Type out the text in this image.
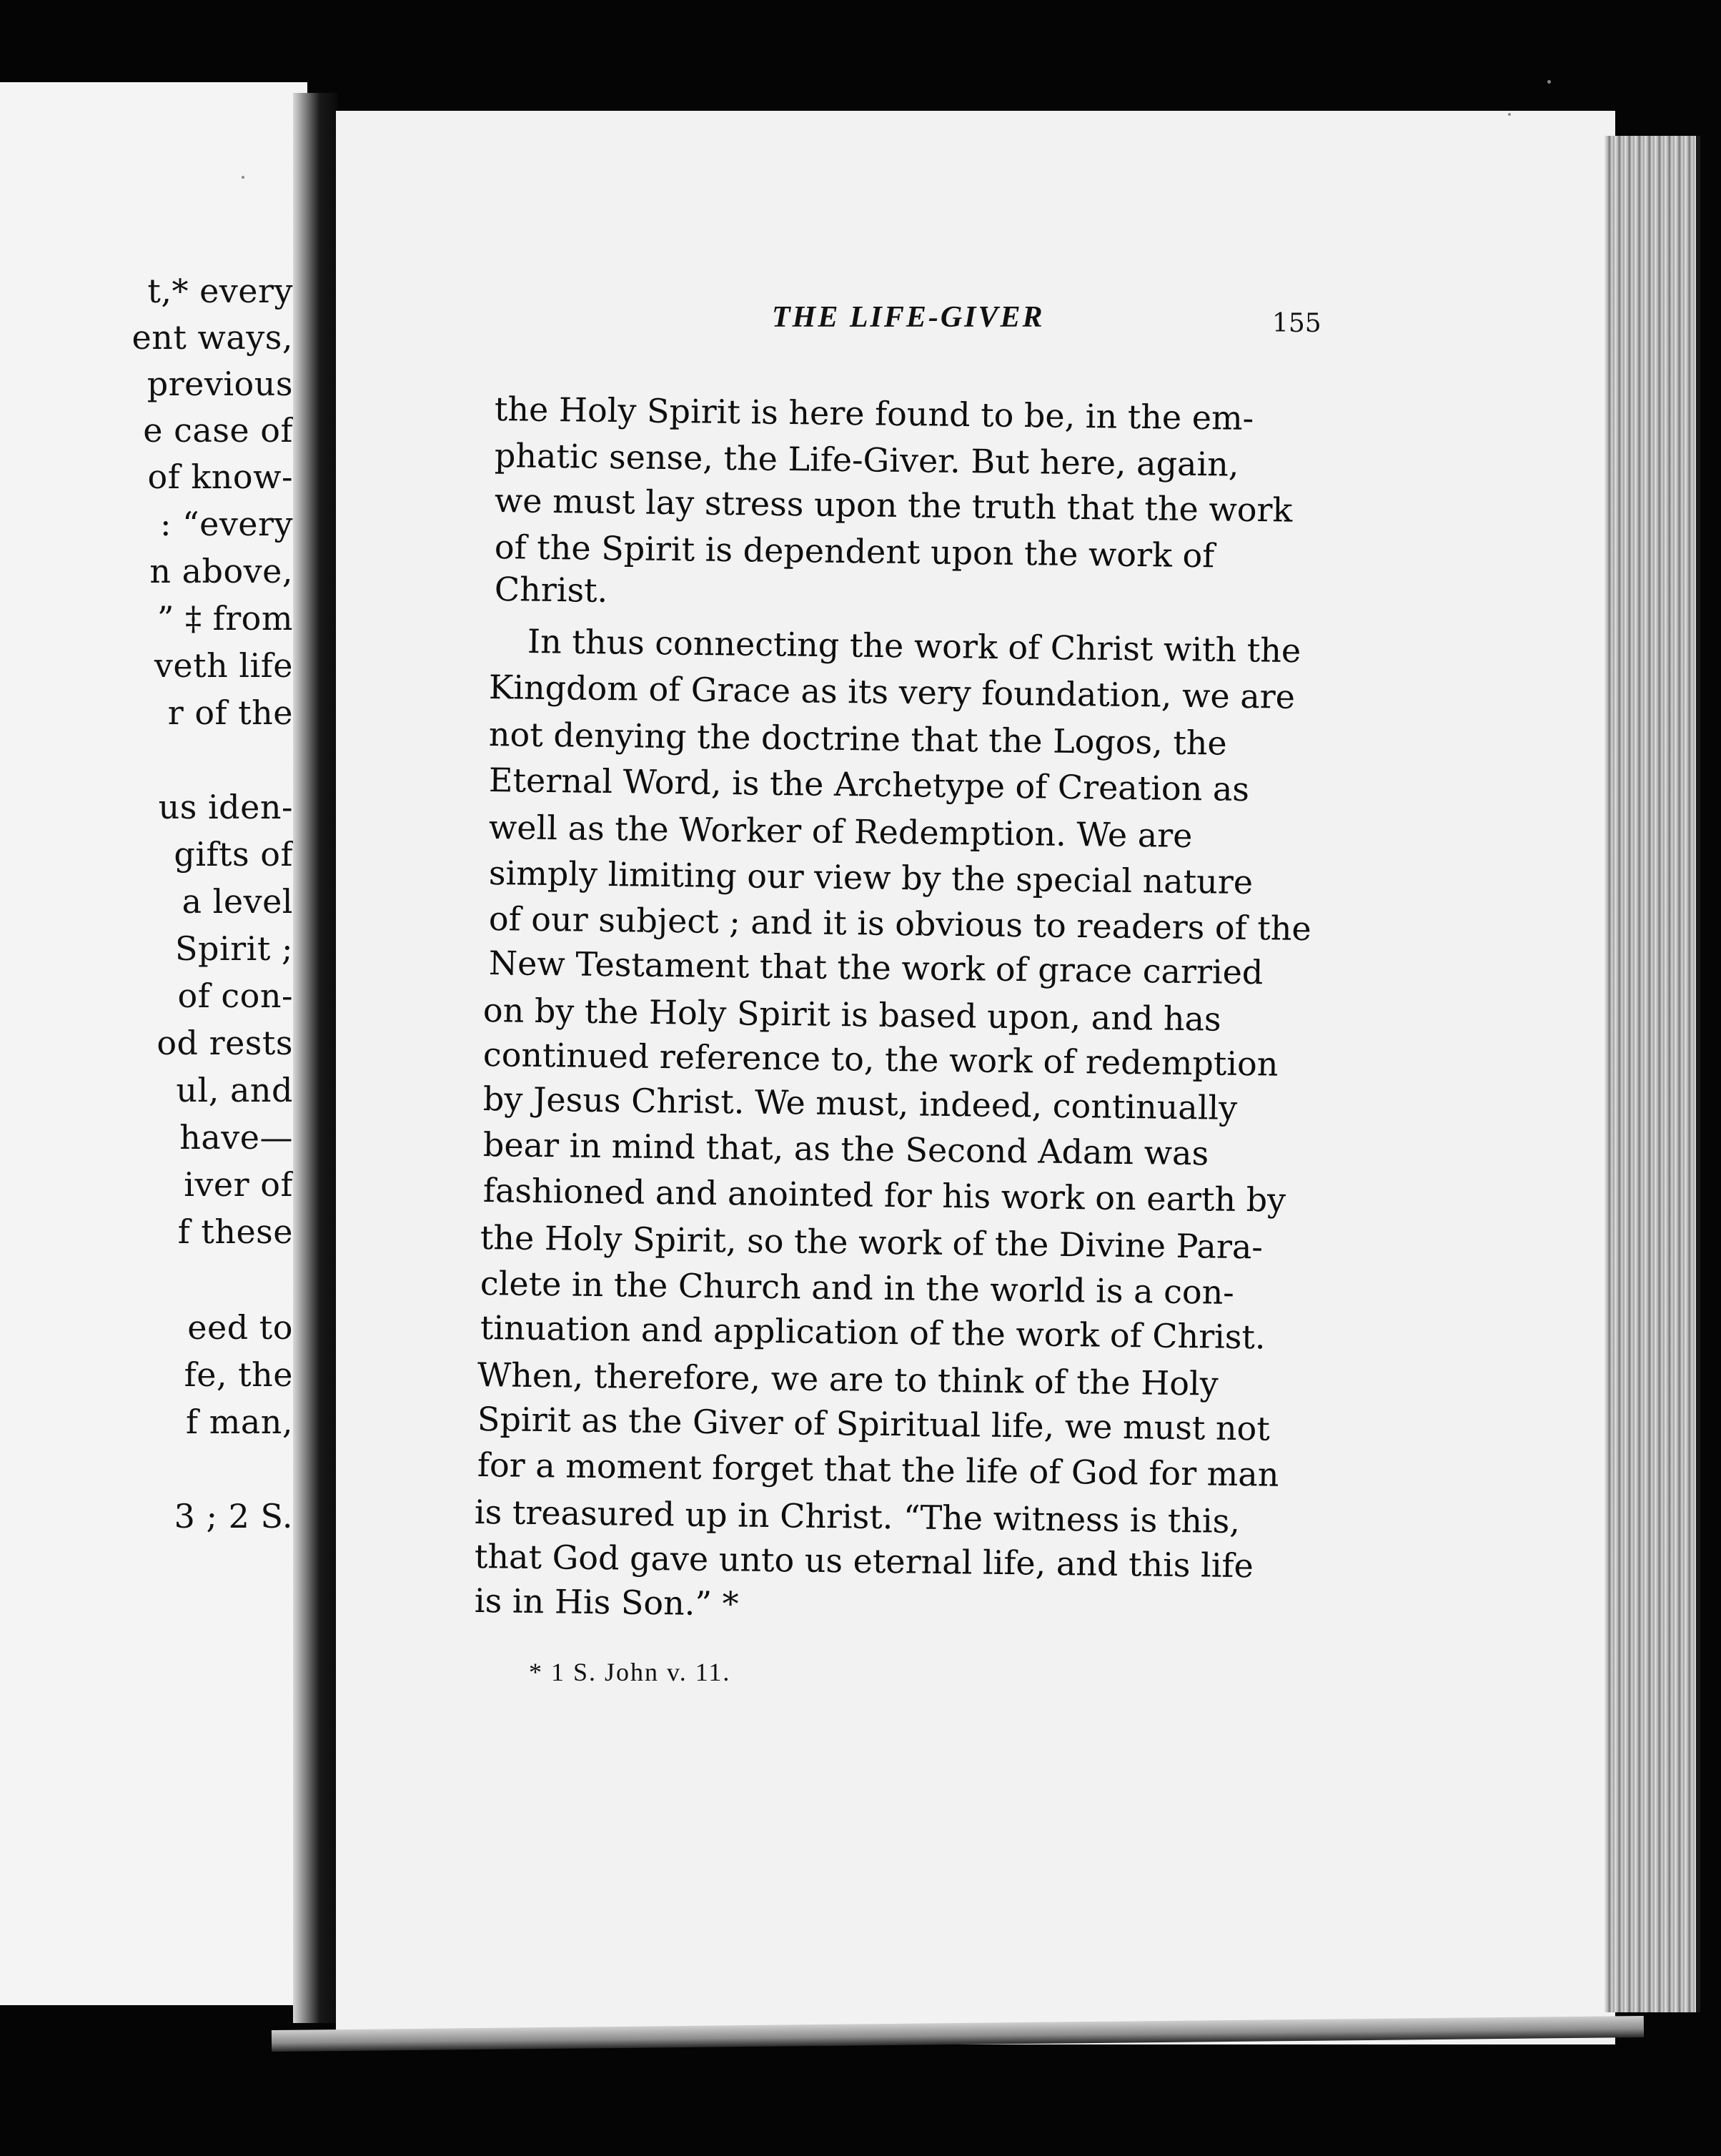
t,* every
ent ways,
previous
e case of
of know-
: “every
n above,
” ‡ from
veth life
r of the
us iden-
gifts of
a level
Spirit ;
of con-
od rests
ul, and
have—
iver of
f these
eed to
fe, the
f man,
3 ; 2 S.
THE LIFE-GIVER	155
the Holy Spirit is here found to be, in the em-
phatic sense, the Life-Giver. But here, again,
we must lay stress upon the truth that the work
of the Spirit is dependent upon the work of
Christ.
In thus connecting the work of Christ with the
Kingdom of Grace as its very foundation, we are
not denying the doctrine that the Logos, the
Eternal Word, is the Archetype of Creation as
well as the Worker of Redemption. We are
simply limiting our view by the special nature
of our subject ; and it is obvious to readers of the
New Testament that the work of grace carried
on by the Holy Spirit is based upon, and has
continued reference to, the work of redemption
by Jesus Christ. We must, indeed, continually
bear in mind that, as the Second Adam was
fashioned and anointed for his work on earth by
the Holy Spirit, so the work of the Divine Para-
clete in the Church and in the world is a con-
tinuation and application of the work of Christ.
When, therefore, we are to think of the Holy
Spirit as the Giver of Spiritual life, we must not
for a moment forget that the life of God for man
is treasured up in Christ. “The witness is this,
that God gave unto us eternal life, and this life
is in His Son.” *
* 1 S. John v. 11.
